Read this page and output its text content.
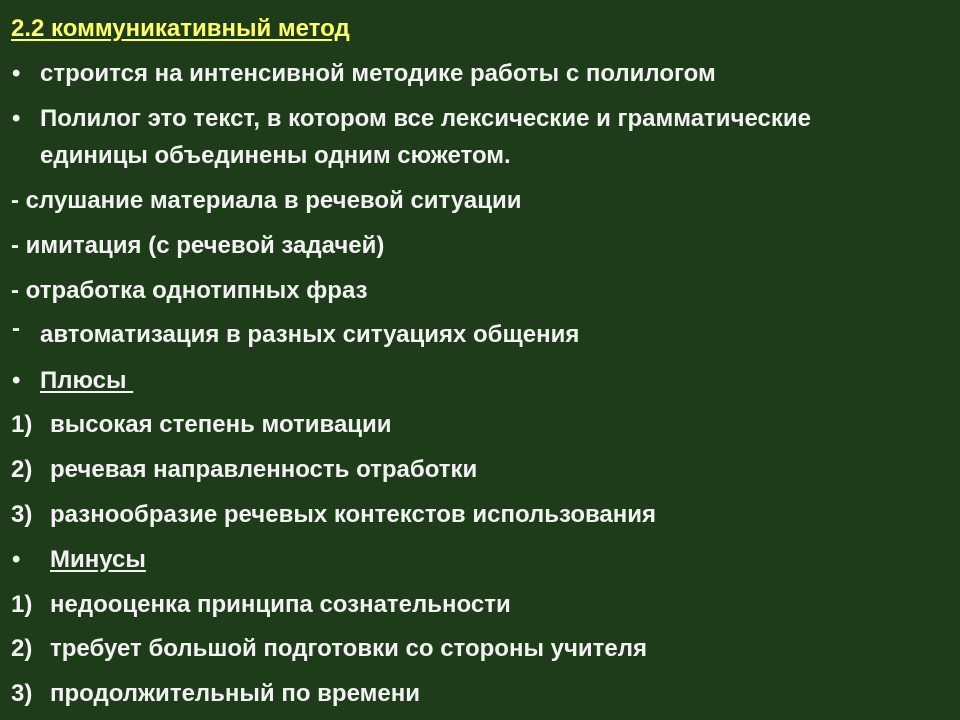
2.2 коммуникативный метод
• строится на интенсивной методике работы с полилогом
• Полилог это текст, в котором все лексические и грамматические
единицы объединены одним сюжетом.
- слушание материала в речевой ситуации
- имитация (с речевой задачей)
- отработка однотипных фраз
- автоматизация в разных ситуациях общения
• Плюсы
1) высокая степень мотивации
2) речевая направленность отработки
3) разнообразие речевых контекстов использования
• Минусы
1) недооценка принципа сознательности
2) требует большой подготовки со стороны учителя
3) продолжительный по времени
